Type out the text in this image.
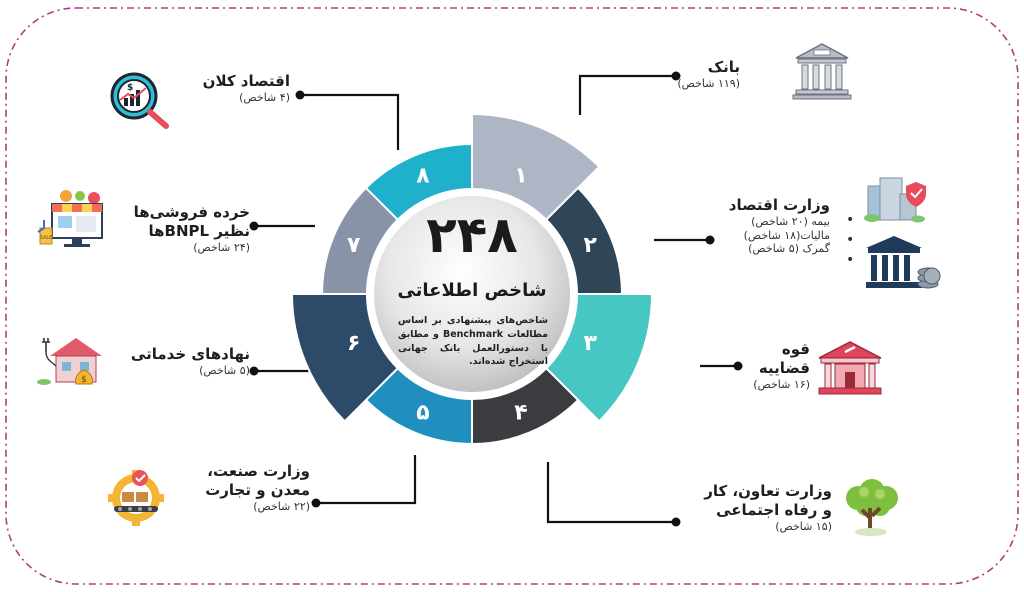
۱
۲
۳
۴
۵
۶
۷
۸
۲۴۸
شاخص اطلاعاتی
شاخص‌های پیشنهادی بر اساس مطالعات Benchmark و مطابق با دستورالعمل بانک جهانی استخراج شده‌اند.
بانک
(۱۱۹ شاخص)
وزارت اقتصاد
بیمه (۲۰ شاخص)
مالیات(۱۸ شاخص)
گمرک (۵ شاخص)
•
•
•
قوه
قضاییه
(۱۶ شاخص)
وزارت تعاون، کار
و رفاه اجتماعی
(۱۵ شاخص)
وزارت صنعت،
معدن و تجارت
(۲۲ شاخص)
نهادهای خدماتی
(۵ شاخص)
خرده فروشی‌ها
نظیر BNPLها
(۲۴ شاخص)
اقتصاد کلان
(۴ شاخص)
$
SALE
$
